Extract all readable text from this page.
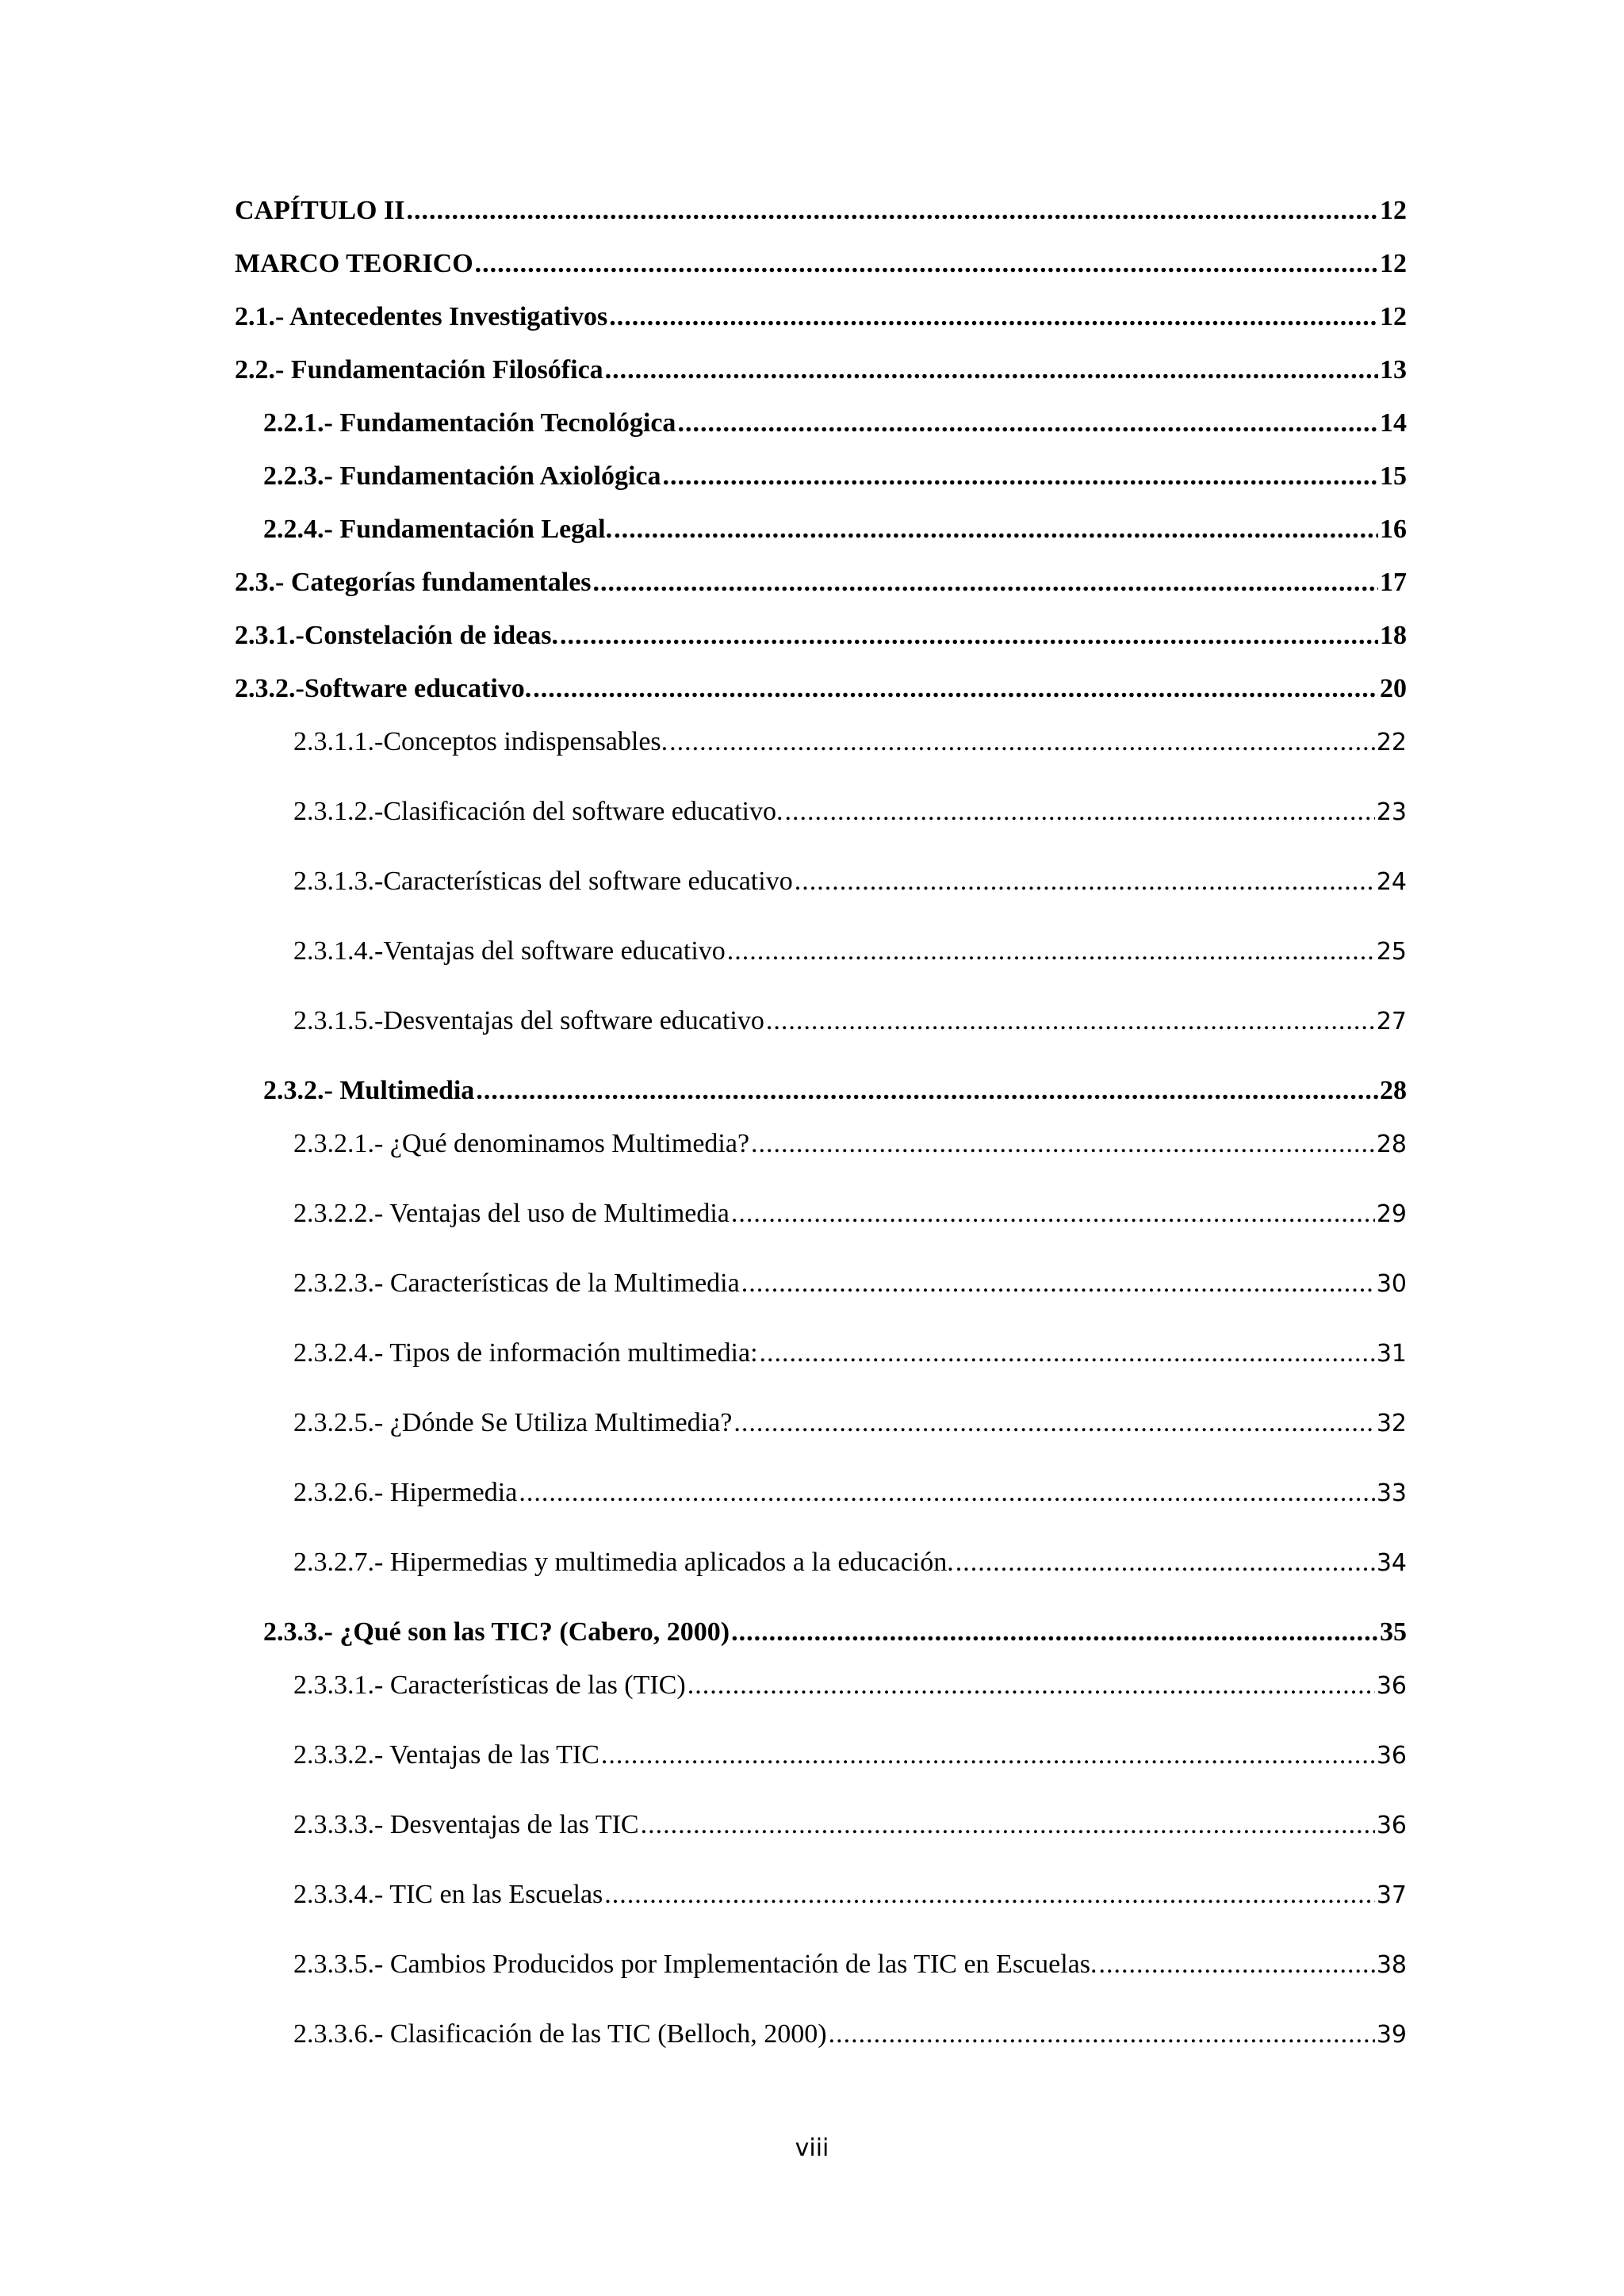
CAPÍTULO II .....	12
MARCO TEORICO .....	12
2.1.- Antecedentes Investigativos .....	12
2.2.- Fundamentación Filosófica .....	13
2.2.1.- Fundamentación Tecnológica .....	14
2.2.3.- Fundamentación Axiológica .....	15
2.2.4.- Fundamentación Legal. .....	16
2.3.- Categorías fundamentales .....	17
2.3.1.-Constelación de ideas. .....	18
2.3.2.-Software educativo. .....	20
2.3.1.1.-Conceptos indispensables. .....	22
2.3.1.2.-Clasificación del software educativo. .....	23
2.3.1.3.-Características del software educativo .....	24
2.3.1.4.-Ventajas del software educativo .....	25
2.3.1.5.-Desventajas del software educativo .....	27
2.3.2.- Multimedia .....	28
2.3.2.1.- ¿Qué denominamos Multimedia? .....	28
2.3.2.2.- Ventajas del uso de Multimedia .....	29
2.3.2.3.- Características de la Multimedia .....	30
2.3.2.4.- Tipos de información multimedia: .....	31
2.3.2.5.- ¿Dónde Se Utiliza Multimedia? .....	32
2.3.2.6.- Hipermedia .....	33
2.3.2.7.- Hipermedias y multimedia aplicados a la educación. .....	34
2.3.3.- ¿Qué son las TIC? (Cabero, 2000) .....	35
2.3.3.1.- Características de las (TIC) .....	36
2.3.3.2.- Ventajas de las TIC .....	36
2.3.3.3.- Desventajas de las TIC .....	36
2.3.3.4.- TIC en las Escuelas .....	37
2.3.3.5.- Cambios Producidos por Implementación de las TIC en Escuelas. .....	38
2.3.3.6.- Clasificación de las TIC (Belloch, 2000) .....	39
viii
